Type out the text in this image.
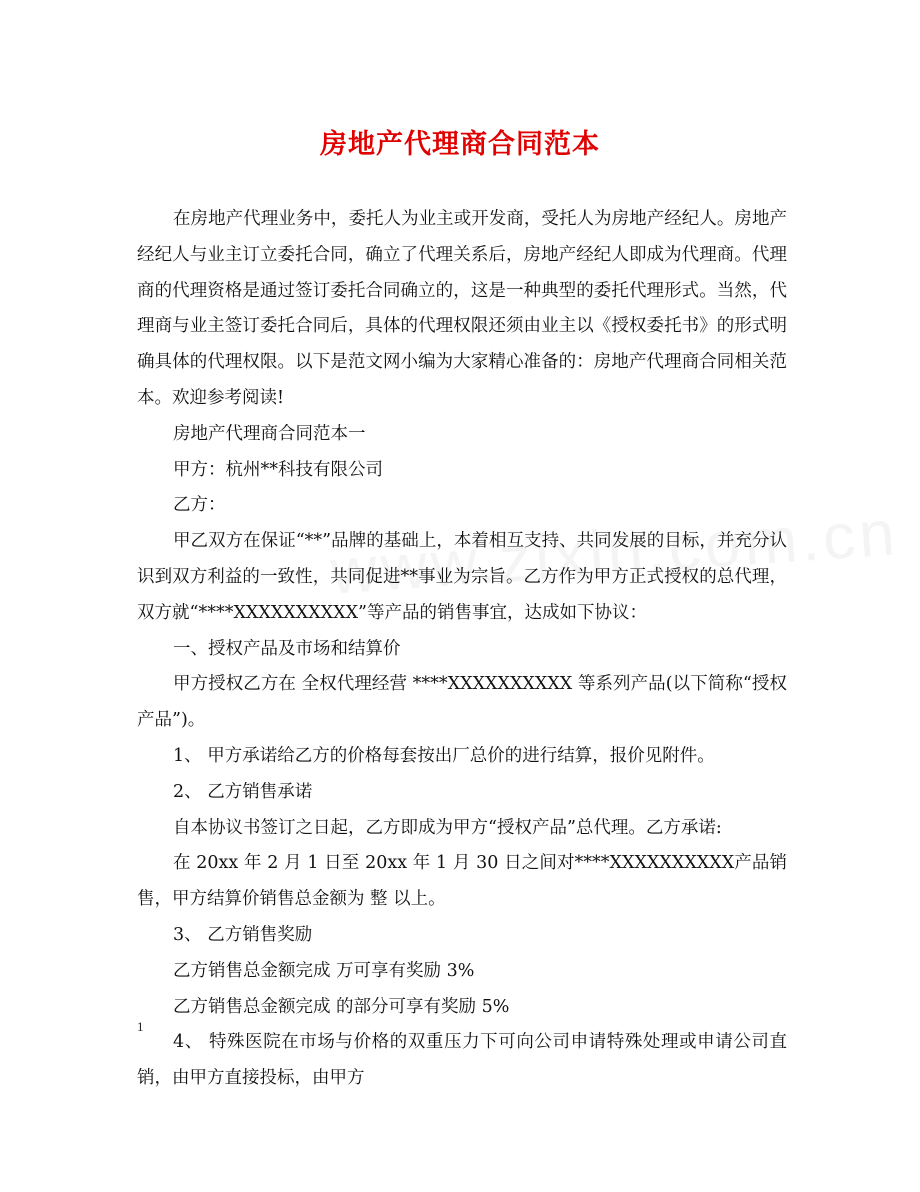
房地产代理商合同范本

在房地产代理业务中，委托人为业主或开发商，受托人为房地产经纪人。房地产经纪人与业主订立委托合同，确立了代理关系后，房地产经纪人即成为代理商。代理商的代理资格是通过签订委托合同确立的，这是一种典型的委托代理形式。当然，代理商与业主签订委托合同后，具体的代理权限还须由业主以《授权委托书》的形式明确具体的代理权限。以下是范文网小编为大家精心准备的：房地产代理商合同相关范本。欢迎参考阅读!

房地产代理商合同范本一

甲方：杭州**科技有限公司

乙方：

甲乙双方在保证“**”品牌的基础上，本着相互支持、共同发展的目标，并充分认识到双方利益的一致性，共同促进**事业为宗旨。乙方作为甲方正式授权的总代理，双方就“****XXXXXXXXXX”等产品的销售事宜，达成如下协议：

一、授权产品及市场和结算价

甲方授权乙方在 全权代理经营 ****XXXXXXXXXX 等系列产品(以下简称“授权产品”)。

1、 甲方承诺给乙方的价格每套按出厂总价的进行结算，报价见附件。

2、 乙方销售承诺

自本协议书签订之日起，乙方即成为甲方“授权产品”总代理。乙方承诺:

在 20xx 年 2 月 1 日至 20xx 年 1 月 30 日之间对****XXXXXXXXXX产品销售，甲方结算价销售总金额为 整 以上。

3、 乙方销售奖励

乙方销售总金额完成 万可享有奖励 3%

乙方销售总金额完成 的部分可享有奖励 5%

4、 特殊医院在市场与价格的双重压力下可向公司申请特殊处理或申请公司直销，由甲方直接投标，由甲方

1
